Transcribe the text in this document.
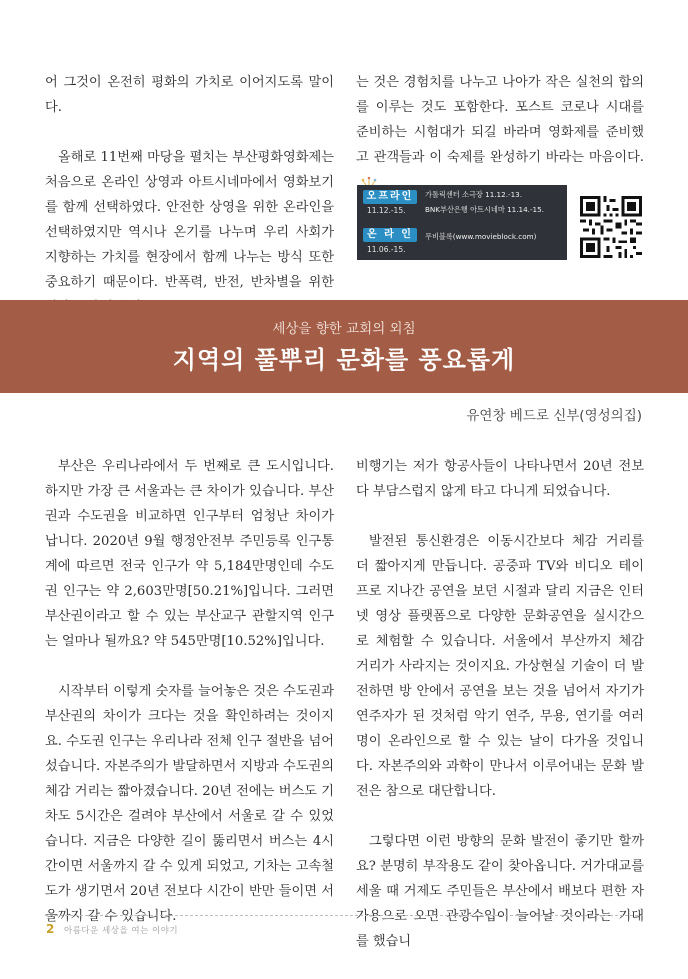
어 그것이 온전히 평화의 가치로 이어지도록 말이다.

올해로 11번째 마당을 펼치는 부산평화영화제는 처음으로 온라인 상영과 아트시네마에서 영화보기를 함께 선택하였다. 안전한 상영을 위한 온라인을 선택하였지만 역시나 온기를 나누며 우리 사회가 지향하는 가치를 현장에서 함께 나누는 방식 또한 중요하기 때문이다. 반폭력, 반전, 반차별을 위한

는 것은 경험치를 나누고 나아가 작은 실천의 합의를 이루는 것도 포함한다. 포스트 코로나 시대를 준비하는 시험대가 되길 바라며 영화제를 준비했고 관객들과 이 숙제를 완성하기 바라는 마음이다.

오프라인
11.12.-15.
가톨릭센터 소극장 11.12.-13.
BNK부산은행 아트시네마 11.14.-15.
온 라 인
11.06.-15.
무비블록(www.movieblock.com)
세상을 향한 교회의 외침
지역의 풀뿌리 문화를 풍요롭게
유연창 베드로 신부(영성의집)

부산은 우리나라에서 두 번째로 큰 도시입니다. 하지만 가장 큰 서울과는 큰 차이가 있습니다. 부산권과 수도권을 비교하면 인구부터 엄청난 차이가 납니다. 2020년 9월 행정안전부 주민등록 인구통계에 따르면 전국 인구가 약 5,184만명인데 수도권 인구는 약 2,603만명[50.21%]입니다. 그러면 부산권이라고 할 수 있는 부산교구 관할지역 인구는 얼마나 될까요? 약 545만명[10.52%]입니다.

시작부터 이렇게 숫자를 늘어놓은 것은 수도권과 부산권의 차이가 크다는 것을 확인하려는 것이지요. 수도권 인구는 우리나라 전체 인구 절반을 넘어섰습니다. 자본주의가 발달하면서 지방과 수도권의 체감 거리는 짧아졌습니다. 20년 전에는 버스도 기차도 5시간은 걸려야 부산에서 서울로 갈 수 있었습니다. 지금은 다양한 길이 뚫리면서 버스는 4시간이면 서울까지 갈 수 있게 되었고, 기차는 고속철도가 생기면서 20년 전보다 시간이 반만 들이면 서울까지 갈 수 있습니다.

비행기는 저가 항공사들이 나타나면서 20년 전보다 부담스럽지 않게 타고 다니게 되었습니다.

발전된 통신환경은 이동시간보다 체감 거리를 더 짧아지게 만듭니다. 공중파 TV와 비디오 테이프로 지나간 공연을 보던 시절과 달리 지금은 인터넷 영상 플랫폼으로 다양한 문화공연을 실시간으로 체험할 수 있습니다. 서울에서 부산까지 체감 거리가 사라지는 것이지요. 가상현실 기술이 더 발전하면 방 안에서 공연을 보는 것을 넘어서 자기가 연주자가 된 것처럼 악기 연주, 무용, 연기를 여러 명이 온라인으로 할 수 있는 날이 다가올 것입니다. 자본주의와 과학이 만나서 이루어내는 문화 발전은 참으로 대단합니다.

그렇다면 이런 방향의 문화 발전이 좋기만 할까요? 분명히 부작용도 같이 찾아옵니다. 거가대교를 세울 때 거제도 주민들은 부산에서 배보다 편한 자가용으로 오면 관광수입이 늘어날 것이라는 기대를 했습니

2 아름다운 세상을 여는 이야기
